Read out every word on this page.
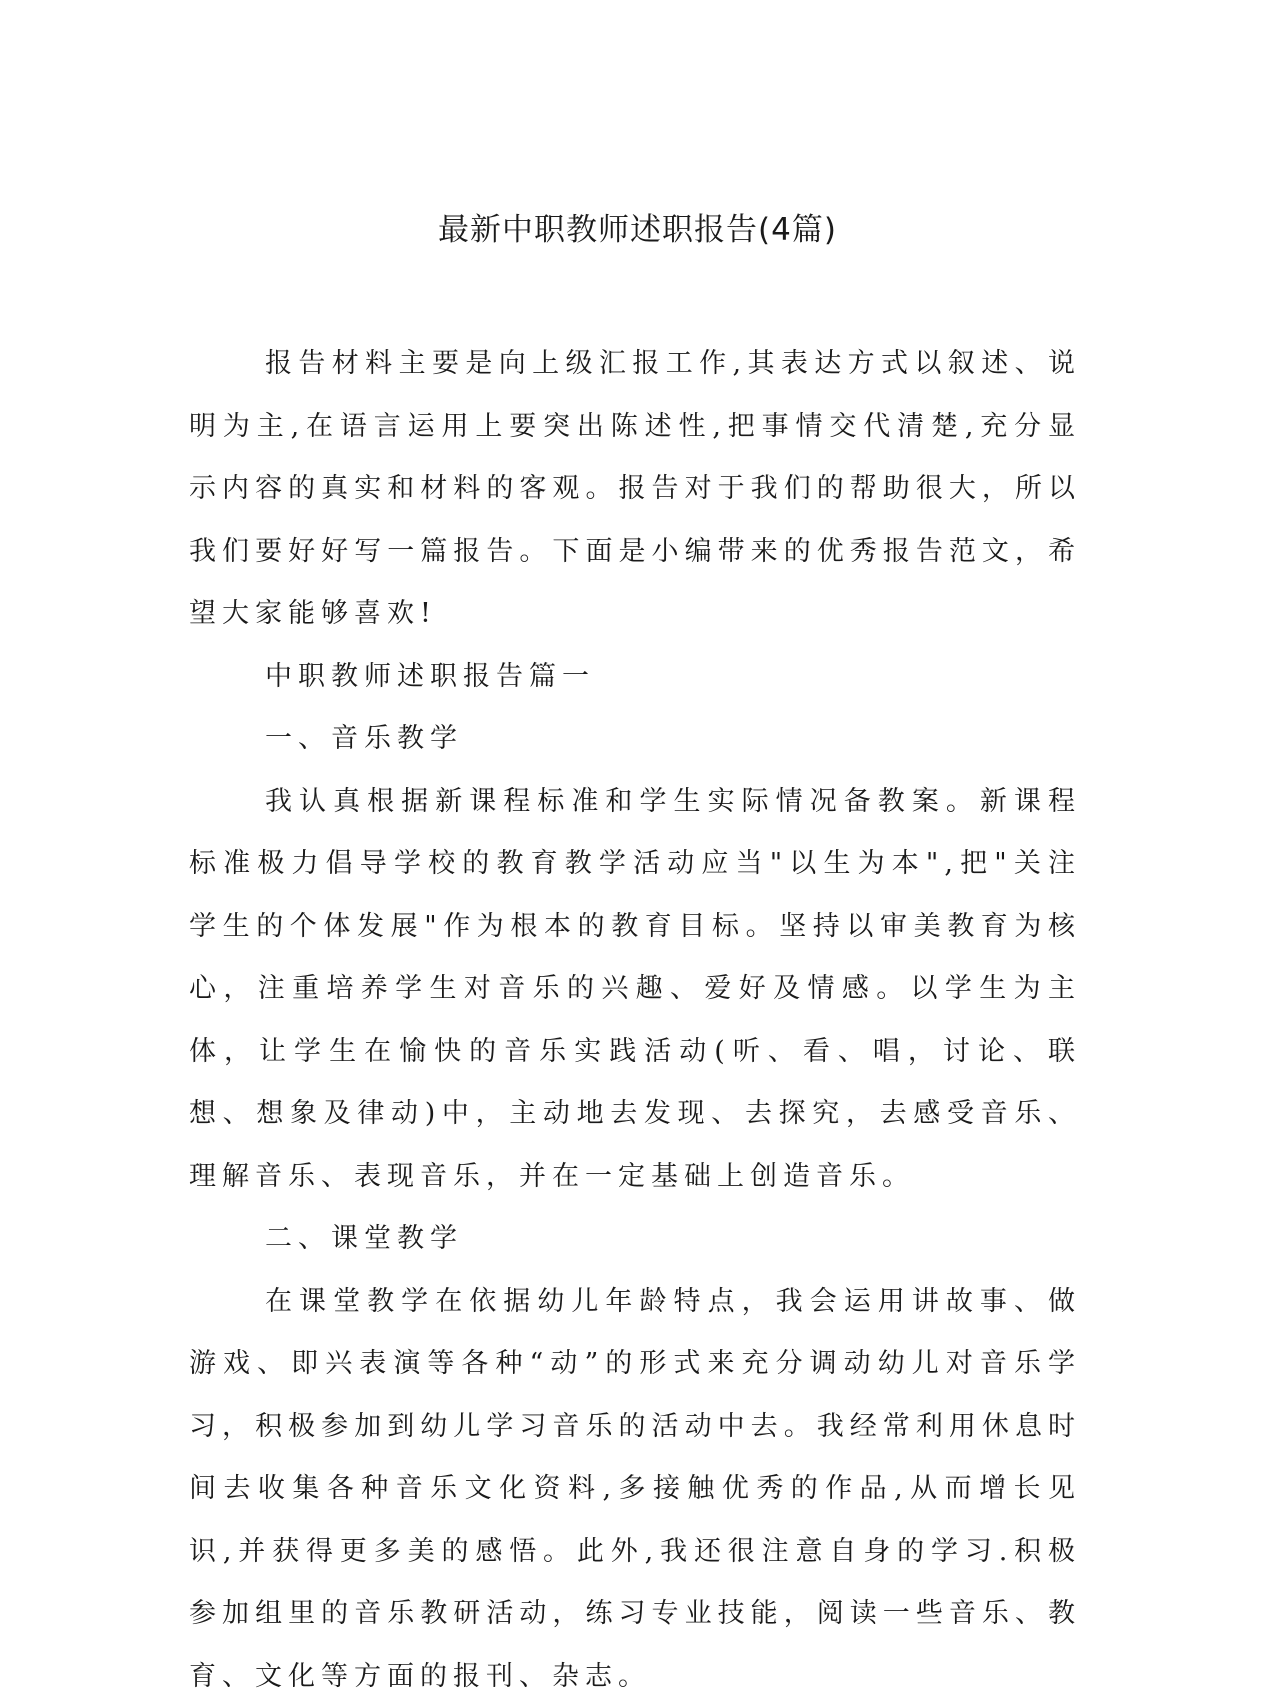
最新中职教师述职报告(4篇)

报告材料主要是向上级汇报工作,其表达方式以叙述、说明为主,在语言运用上要突出陈述性,把事情交代清楚,充分显示内容的真实和材料的客观。报告对于我们的帮助很大，所以我们要好好写一篇报告。下面是小编带来的优秀报告范文，希望大家能够喜欢!

中职教师述职报告篇一

一、音乐教学

我认真根据新课程标准和学生实际情况备教案。新课程标准极力倡导学校的教育教学活动应当"以生为本",把"关注学生的个体发展"作为根本的教育目标。坚持以审美教育为核心，注重培养学生对音乐的兴趣、爱好及情感。以学生为主体，让学生在愉快的音乐实践活动(听、看、唱，讨论、联想、想象及律动)中，主动地去发现、去探究，去感受音乐、理解音乐、表现音乐，并在一定基础上创造音乐。

二、课堂教学

在课堂教学在依据幼儿年龄特点，我会运用讲故事、做游戏、即兴表演等各种“动”的形式来充分调动幼儿对音乐学习，积极参加到幼儿学习音乐的活动中去。我经常利用休息时间去收集各种音乐文化资料,多接触优秀的作品,从而增长见识,并获得更多美的感悟。此外,我还很注意自身的学习.积极参加组里的音乐教研活动，练习专业技能，阅读一些音乐、教育、文化等方面的报刊、杂志。
